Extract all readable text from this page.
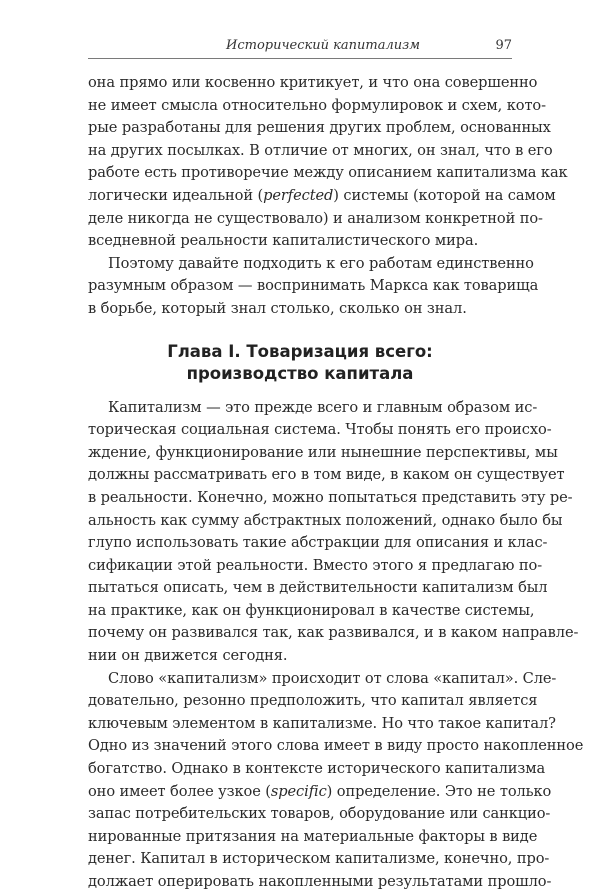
Исторический капитализм	97
она прямо или косвенно критикует, и что она совершенно
не имеет смысла относительно формулировок и схем, кото-
рые разработаны для решения других проблем, основанных
на других посылках. В отличие от многих, он знал, что в его
работе есть противоречие между описанием капитализма как
логически идеальной (perfected) системы (которой на самом
деле никогда не существовало) и анализом конкретной по-
вседневной реальности капиталистического мира.
Поэтому давайте подходить к его работам единственно
разумным образом — воспринимать Маркса как товарища
в борьбе, который знал столько, сколько он знал.
Глава I. Товаризация всего:
производство капитала
Капитализм — это прежде всего и главным образом ис-
торическая социальная система. Чтобы понять его происхо-
ждение, функционирование или нынешние перспективы, мы
должны рассматривать его в том виде, в каком он существует
в реальности. Конечно, можно попытаться представить эту ре-
альность как сумму абстрактных положений, однако было бы
глупо использовать такие абстракции для описания и клас-
сификации этой реальности. Вместо этого я предлагаю по-
пытаться описать, чем в действительности капитализм был
на практике, как он функционировал в качестве системы,
почему он развивался так, как развивался, и в каком направле-
нии он движется сегодня.
Слово «капитализм» происходит от слова «капитал». Сле-
довательно, резонно предположить, что капитал является
ключевым элементом в капитализме. Но что такое капитал?
Одно из значений этого слова имеет в виду просто накопленное
богатство. Однако в контексте исторического капитализма
оно имеет более узкое (specific) определение. Это не только
запас потребительских товаров, оборудование или санкцио-
нированные притязания на материальные факторы в виде
денег. Капитал в историческом капитализме, конечно, про-
должает оперировать накопленными результатами прошло-
